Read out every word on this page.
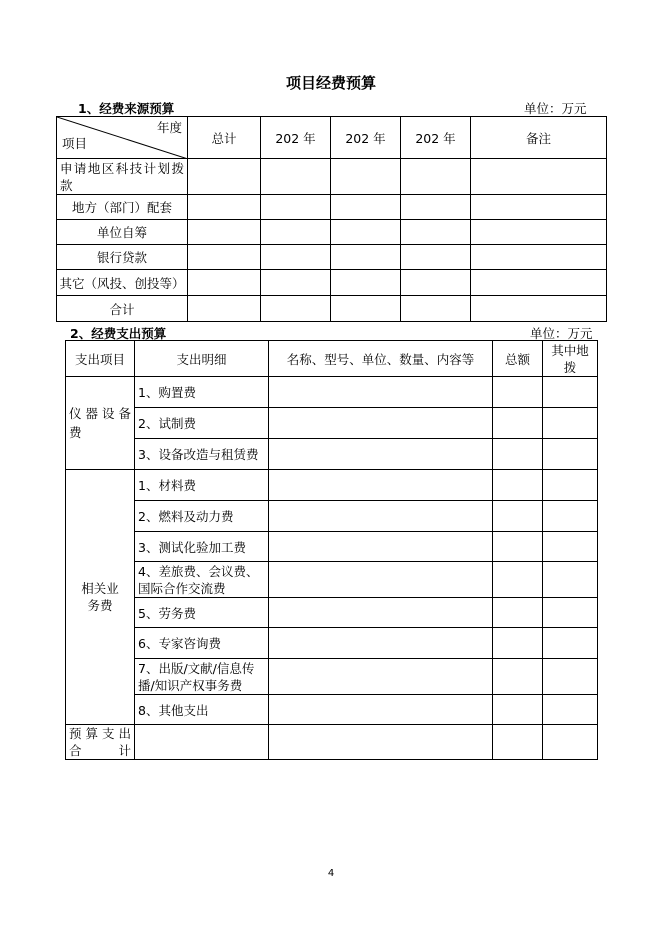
项目经费预算
1、经费来源预算	单位：万元
年度
项目	总计	202 年	202 年	202 年	备注
申请地区科技计划拨款					
地方（部门）配套					
单位自筹					
银行贷款					
其它（风投、创投等）					
合计					
2、经费支出预算	单位：万元
支出项目	支出明细	名称、型号、单位、数量、内容等	总额	其中地拨
仪器设备费	1、购置费			
	2、试制费			
	3、设备改造与租赁费			
相关业务费	1、材料费			
	2、燃料及动力费			
	3、测试化验加工费			
	4、差旅费、会议费、国际合作交流费			
	5、劳务费			
	6、专家咨询费			
	7、出版/文献/信息传播/知识产权事务费			
	8、其他支出			
预算支出合计				
4
